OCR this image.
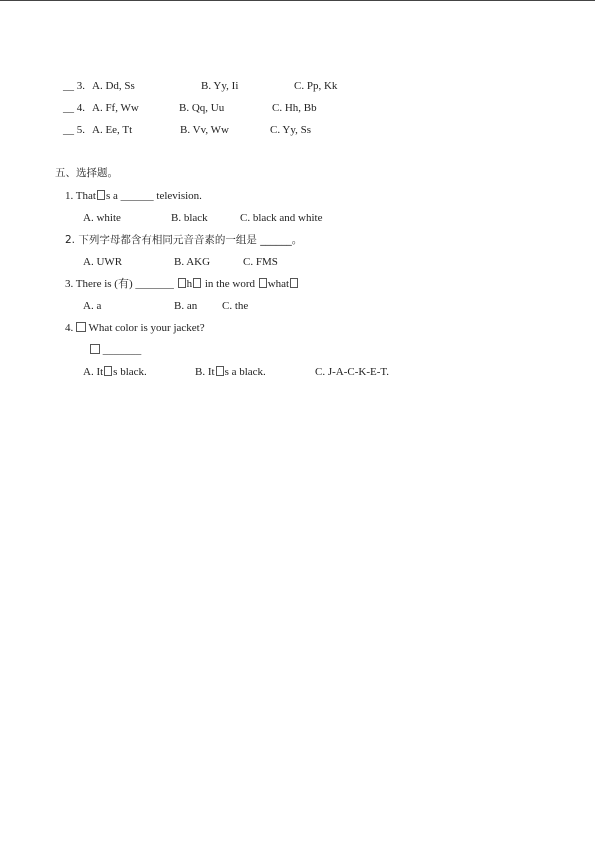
__ 3. A. Dd, Ss	B. Yy, Ii	C. Pp, Kk
__ 4. A. Ff, Ww	B. Qq, Uu	C. Hh, Bb
__ 5. A. Ee, Tt	B. Vv, Ww	C. Yy, Ss
五、选择题。
1. That s a ______ television.
A. white	B. black	C. black and white
2. 下列字母都含有相同元音音素的一组是 ______。
A. UWR	B. AKG	C. FMS
3. There is (有) _______ h in the word what
A. a	B. an C. the
4.  What color is your jacket?
_______
A. It s black.	B. It s a black.	C. J-A-C-K-E-T.
